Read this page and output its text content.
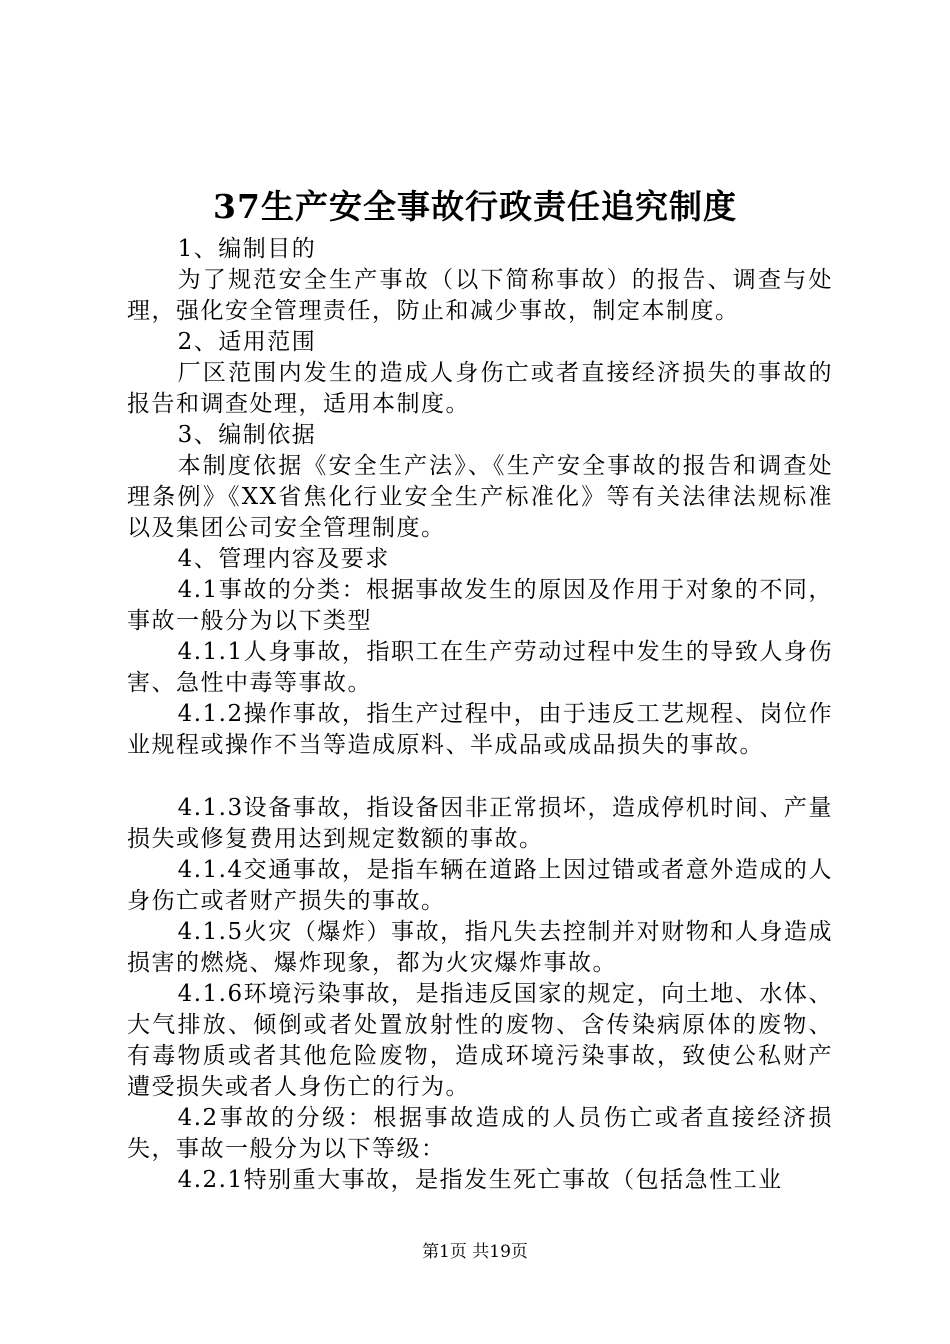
37生产安全事故行政责任追究制度

1、编制目的

为了规范安全生产事故（以下简称事故）的报告、调查与处理，强化安全管理责任，防止和减少事故，制定本制度。

2、适用范围

厂区范围内发生的造成人身伤亡或者直接经济损失的事故的报告和调查处理，适用本制度。

3、编制依据

本制度依据《安全生产法》、《生产安全事故的报告和调查处理条例》《XX省焦化行业安全生产标准化》等有关法律法规标准以及集团公司安全管理制度。

4、管理内容及要求

4.1事故的分类：根据事故发生的原因及作用于对象的不同，事故一般分为以下类型

4.1.1人身事故，指职工在生产劳动过程中发生的导致人身伤害、急性中毒等事故。

4.1.2操作事故，指生产过程中，由于违反工艺规程、岗位作业规程或操作不当等造成原料、半成品或成品损失的事故。

4.1.3设备事故，指设备因非正常损坏，造成停机时间、产量损失或修复费用达到规定数额的事故。

4.1.4交通事故，是指车辆在道路上因过错或者意外造成的人身伤亡或者财产损失的事故。

4.1.5火灾（爆炸）事故，指凡失去控制并对财物和人身造成损害的燃烧、爆炸现象，都为火灾爆炸事故。

4.1.6环境污染事故，是指违反国家的规定，向土地、水体、大气排放、倾倒或者处置放射性的废物、含传染病原体的废物、有毒物质或者其他危险废物，造成环境污染事故，致使公私财产遭受损失或者人身伤亡的行为。

4.2事故的分级：根据事故造成的人员伤亡或者直接经济损失，事故一般分为以下等级：

4.2.1特别重大事故，是指发生死亡事故（包括急性工业

第1页 共19页
